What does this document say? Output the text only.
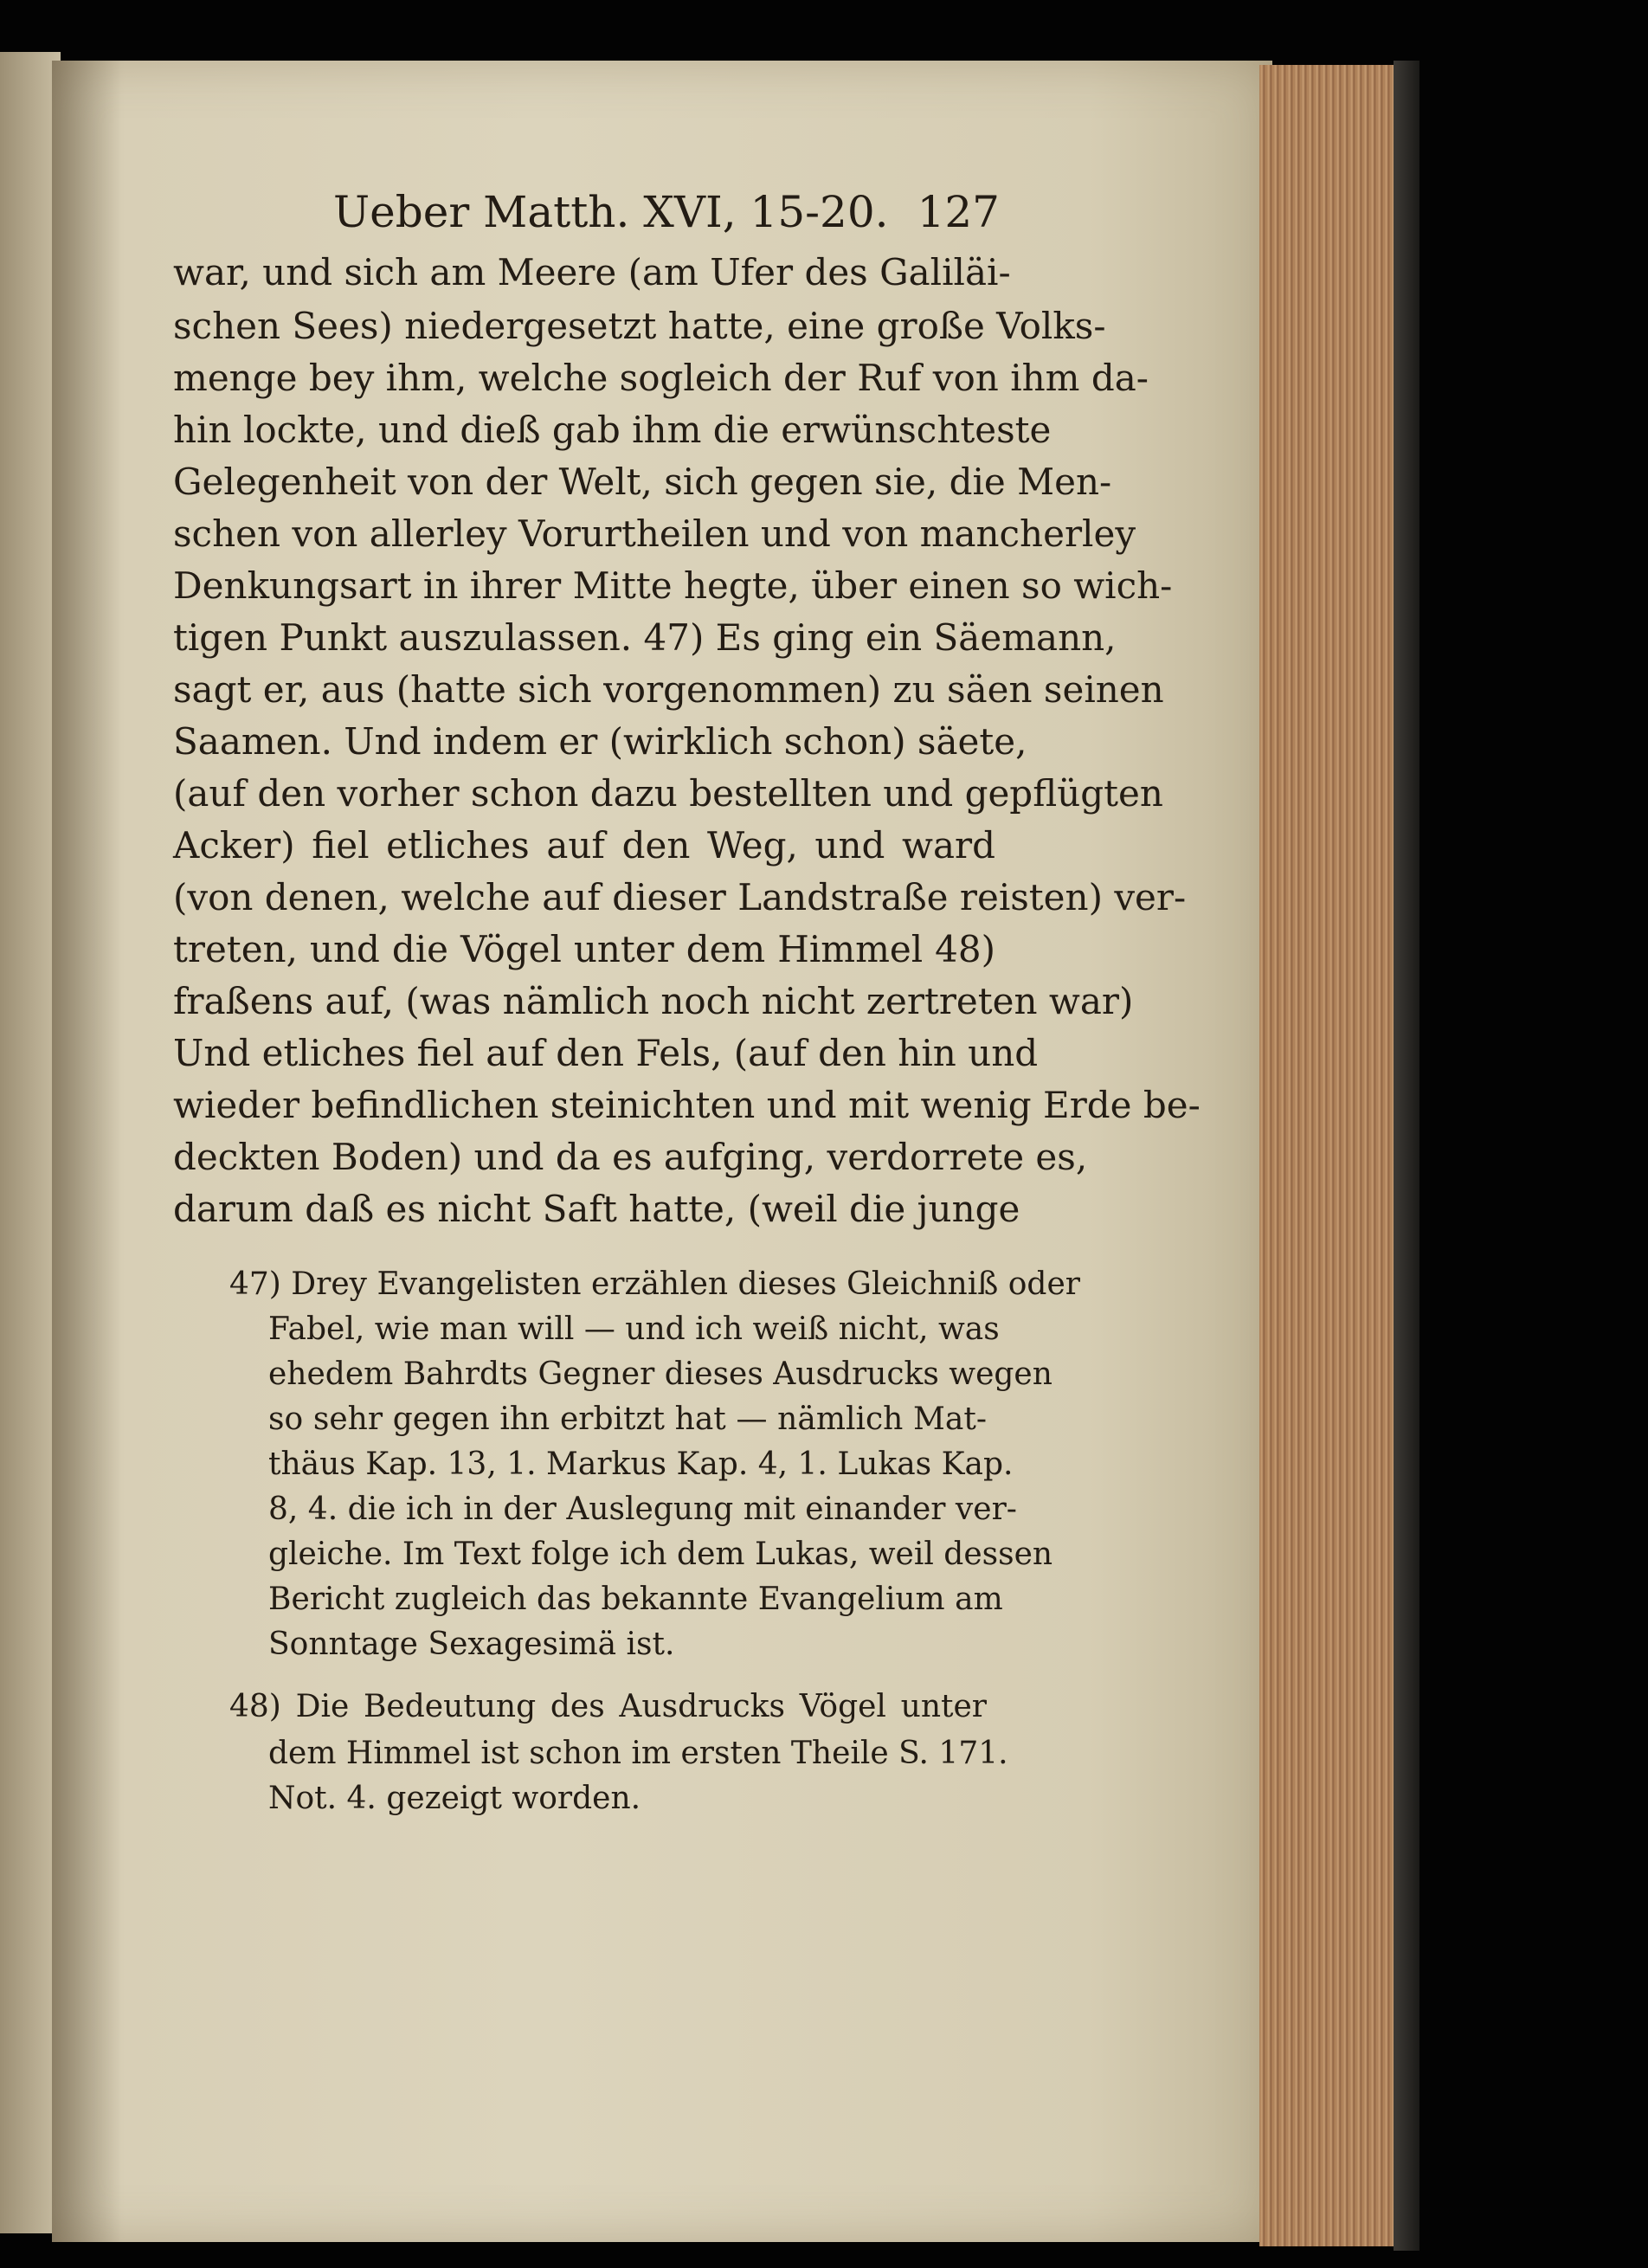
Ueber Matth. XVI, 15-20. 127
war, und sich am Meere (am Ufer des Galiläi-
schen Sees) niedergesetzt hatte, eine große Volks-
menge bey ihm, welche sogleich der Ruf von ihm da-
hin lockte, und dieß gab ihm die erwünschteste
Gelegenheit von der Welt, sich gegen sie, die Men-
schen von allerley Vorurtheilen und von mancherley
Denkungsart in ihrer Mitte hegte, über einen so wich-
tigen Punkt auszulassen. 47) Es ging ein Säemann,
sagt er, aus (hatte sich vorgenommen) zu säen seinen
Saamen. Und indem er (wirklich schon) säete,
(auf den vorher schon dazu bestellten und gepflügten
Acker) fiel etliches auf den Weg, und ward
(von denen, welche auf dieser Landstraße reisten) ver-
treten, und die Vögel unter dem Himmel 48)
fraßens auf, (was nämlich noch nicht zertreten war)
Und etliches fiel auf den Fels, (auf den hin und
wieder befindlichen steinichten und mit wenig Erde be-
deckten Boden) und da es aufging, verdorrete es,
darum daß es nicht Saft hatte, (weil die junge
47) Drey Evangelisten erzählen dieses Gleichniß oder
Fabel, wie man will — und ich weiß nicht, was
ehedem Bahrdts Gegner dieses Ausdrucks wegen
so sehr gegen ihn erbitzt hat — nämlich Mat-
thäus Kap. 13, 1. Markus Kap. 4, 1. Lukas Kap.
8, 4. die ich in der Auslegung mit einander ver-
gleiche. Im Text folge ich dem Lukas, weil dessen
Bericht zugleich das bekannte Evangelium am
Sonntage Sexagesimä ist.
48) Die Bedeutung des Ausdrucks Vögel unter
dem Himmel ist schon im ersten Theile S. 171.
Not. 4. gezeigt worden.
